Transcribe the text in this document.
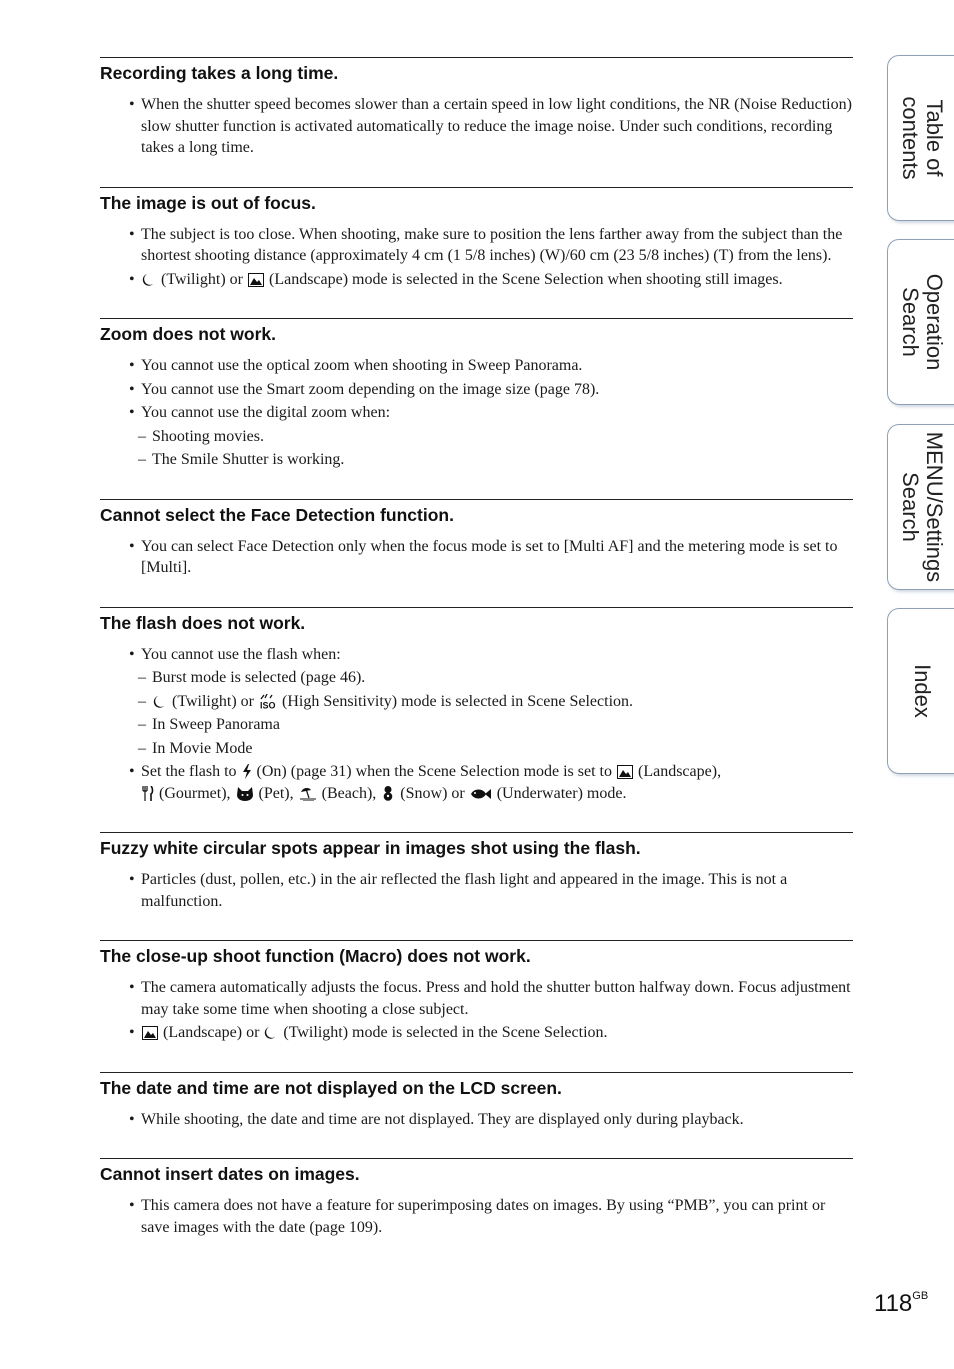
Recording takes a long time.
• When the shutter speed becomes slower than a certain speed in low light conditions, the NR (Noise Reduction) slow shutter function is activated automatically to reduce the image noise. Under such conditions, recording takes a long time.
The image is out of focus.
• The subject is too close. When shooting, make sure to position the lens farther away from the subject than the shortest shooting distance (approximately 4 cm (1 5/8 inches) (W)/60 cm (23 5/8 inches) (T) from the lens).
• (Twilight) or (Landscape) mode is selected in the Scene Selection when shooting still images.
Zoom does not work.
• You cannot use the optical zoom when shooting in Sweep Panorama.
• You cannot use the Smart zoom depending on the image size (page 78).
• You cannot use the digital zoom when:
– Shooting movies.
– The Smile Shutter is working.
Cannot select the Face Detection function.
• You can select Face Detection only when the focus mode is set to [Multi AF] and the metering mode is set to [Multi].
The flash does not work.
• You cannot use the flash when:
– Burst mode is selected (page 46).
– (Twilight) or ISO (High Sensitivity) mode is selected in Scene Selection.
– In Sweep Panorama
– In Movie Mode
• Set the flash to (On) (page 31) when the Scene Selection mode is set to (Landscape),

(Gourmet), (Pet), (Beach), (Snow) or (Underwater) mode.
Fuzzy white circular spots appear in images shot using the flash.
• Particles (dust, pollen, etc.) in the air reflected the flash light and appeared in the image. This is not a malfunction.
The close-up shoot function (Macro) does not work.
• The camera automatically adjusts the focus. Press and hold the shutter button halfway down. Focus adjustment may take some time when shooting a close subject.
• (Landscape) or (Twilight) mode is selected in the Scene Selection.
The date and time are not displayed on the LCD screen.
• While shooting, the date and time are not displayed. They are displayed only during playback.
Cannot insert dates on images.
• This camera does not have a feature for superimposing dates on images. By using “PMB”, you can print or save images with the date (page 109).
Table of
contents
Operation
Search
MENU/Settings
Search
Index
$118^{GB}$
